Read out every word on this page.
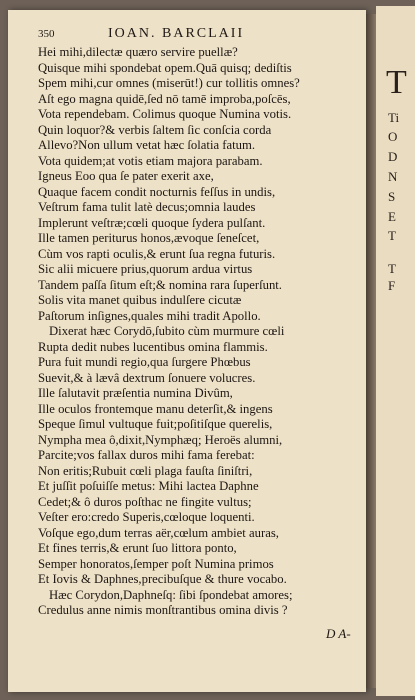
350	IOAN. BARCLAII
Hei mihi,dilectæ quæro servire puellæ?
Quisque mihi spondebat opem.Quā quisq; dediſtis
Spem mihi,cur omnes (miserūt!) cur tollitis omnes?
Aſt ego magna quidē,ſed nō tamē improba,poſcēs,
Vota rependebam. Colimus quoque Numina votis.
Quin loquor?& verbis ſaltem ſic conſcia corda
Allevo?Non ullum vetat hæc ſolatia fatum.
Vota quidem;at votis etiam majora parabam.
Igneus Eoo qua ſe pater exerit axe,
Quaque facem condit nocturnis feſſus in undis,
Veſtrum fama tulit latè decus;omnia laudes
Implerunt veſtræ;cœli quoque ſydera pulſant.
Ille tamen periturus honos,ævoque ſeneſcet,
Cùm vos rapti oculis,& erunt ſua regna futuris.
Sic alii micuere prius,quorum ardua virtus
Tandem paſſa ſitum eſt;& nomina rara ſuperſunt.
Solis vita manet quibus indulſere cicutæ
Paſtorum inſignes,quales mihi tradit Apollo.
Dixerat hæc Corydō,ſubito cùm murmure cœli
Rupta dedit nubes lucentibus omina flammis.
Pura fuit mundi regio,qua ſurgere Phœbus
Suevit,& à lævâ dextrum ſonuere volucres.
Ille ſalutavit præſentia numina Divûm,
Ille oculos frontemque manu deterſit,& ingens
Speque ſimul vultuque fuit;poſitiſque querelis,
Nympha mea ô,dixit,Nymphæq; Heroës alumni,
Parcite;vos fallax duros mihi fama ferebat:
Non eritis;Rubuit cœli plaga fauſta ſiniſtri,
Et juſſit poſuiſſe metus: Mihi lactea Daphne
Cedet;& ô duros poſthac ne fingite vultus;
Veſter ero:credo Superis,cœloque loquenti.
Voſque ego,dum terras aër,cœlum ambiet auras,
Et fines terris,& erunt ſuo littora ponto,
Semper honoratos,ſemper poſt Numina primos
Et Iovis & Daphnes,precibuſque & thure vocabo.
Hæc Corydon,Daphneſq: ſibi ſpondebat amores;
Credulus anne nimis monſtrantibus omina divis ?
D A-
T
Ti
O
D
N
S
E
T
T
F
